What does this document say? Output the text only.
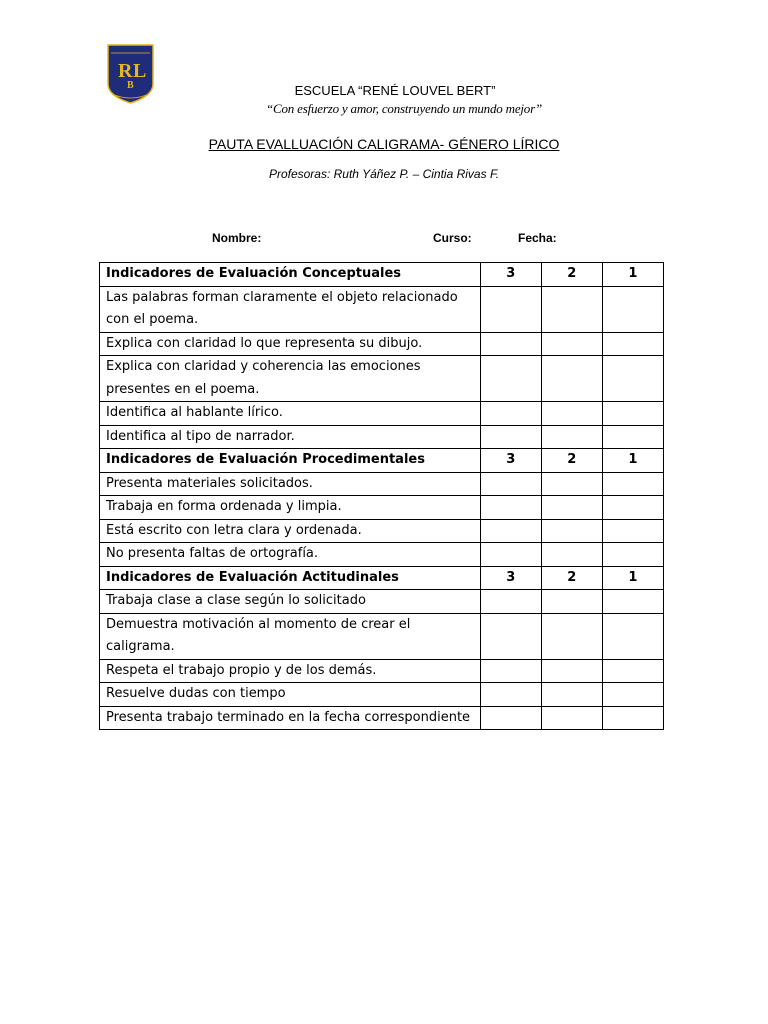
R L
B	ESCUELA “RENÉ LOUVEL BERT”
“Con esfuerzo y amor, construyendo un mundo mejor”
PAUTA EVALLUACIÓN CALIGRAMA- GÉNERO LÍRICO
Profesoras: Ruth Yáñez P. – Cintia Rivas F.
Nombre:	Curso:	Fecha:
Indicadores de Evaluación Conceptuales	3	2	1
Las palabras forman claramente el objeto relacionado con el poema.			
Explica con claridad lo que representa su dibujo.			
Explica con claridad y coherencia las emociones presentes en el poema.			
Identifica al hablante lírico.			
Identifica al tipo de narrador.			
Indicadores de Evaluación Procedimentales	3	2	1
Presenta materiales solicitados.			
Trabaja en forma ordenada y limpia.			
Está escrito con letra clara y ordenada.			
No presenta faltas de ortografía.			
Indicadores de Evaluación Actitudinales	3	2	1
Trabaja clase a clase según lo solicitado			
Demuestra motivación al momento de crear el caligrama.			
Respeta el trabajo propio y de los demás.			
Resuelve dudas con tiempo			
Presenta trabajo terminado en la fecha correspondiente			
